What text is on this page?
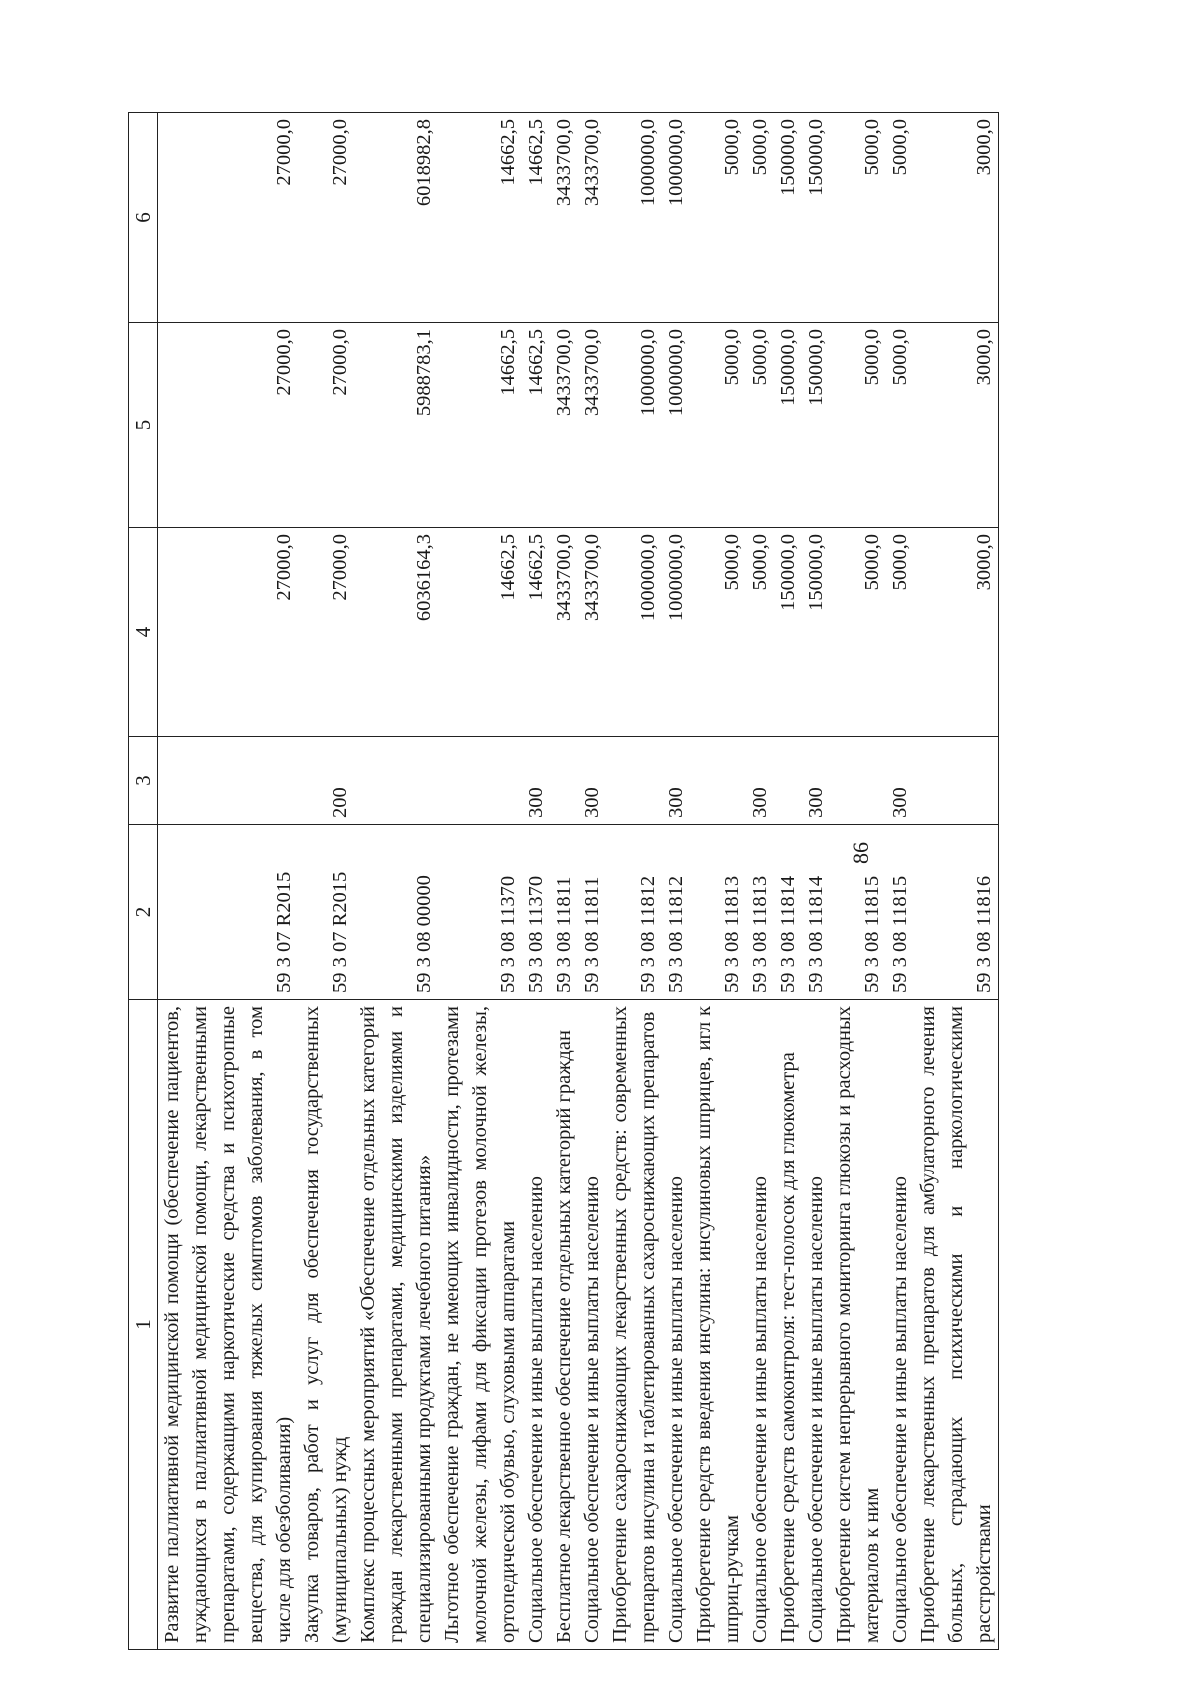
86
1	2	3	4	5	6
Развитие паллиативной медицинской помощи (обеспечение пациентов, нуждающихся в паллиативной медицинской помощи, лекарственными препаратами, содержащими наркотические средства и психотропные вещества, для купирования тяжелых симптомов заболевания, в том числе для обезболивания)	59 3 07 R2015		27000,0	27000,0	27000,0
Закупка товаров, работ и услуг для обеспечения государственных (муниципальных) нужд	59 3 07 R2015	200	27000,0	27000,0	27000,0
Комплекс процессных мероприятий «Обеспечение отдельных категорий граждан лекарственными препаратами, медицинскими изделиями и специализированными продуктами лечебного питания»	59 3 08 00000		6036164,3	5988783,1	6018982,8
Льготное обеспечение граждан, не имеющих инвалидности, протезами молочной железы, лифами для фиксации протезов молочной железы, ортопедической обувью, слуховыми аппаратами	59 3 08 11370		14662,5	14662,5	14662,5
Социальное обеспечение и иные выплаты населению	59 3 08 11370	300	14662,5	14662,5	14662,5
Бесплатное лекарственное обеспечение отдельных категорий граждан	59 3 08 11811		3433700,0	3433700,0	3433700,0
Социальное обеспечение и иные выплаты населению	59 3 08 11811	300	3433700,0	3433700,0	3433700,0
Приобретение сахароснижающих лекарственных средств: современных препаратов инсулина и таблетированных сахароснижающих препаратов	59 3 08 11812		1000000,0	1000000,0	1000000,0
Социальное обеспечение и иные выплаты населению	59 3 08 11812	300	1000000,0	1000000,0	1000000,0
Приобретение средств введения инсулина: инсулиновых шприцев, игл к шприц-ручкам	59 3 08 11813		5000,0	5000,0	5000,0
Социальное обеспечение и иные выплаты населению	59 3 08 11813	300	5000,0	5000,0	5000,0
Приобретение средств самоконтроля: тест-полосок для глюкометра	59 3 08 11814		150000,0	150000,0	150000,0
Социальное обеспечение и иные выплаты населению	59 3 08 11814	300	150000,0	150000,0	150000,0
Приобретение систем непрерывного мониторинга глюкозы и расходных материалов к ним	59 3 08 11815		5000,0	5000,0	5000,0
Социальное обеспечение и иные выплаты населению	59 3 08 11815	300	5000,0	5000,0	5000,0
Приобретение лекарственных препаратов для амбулаторного лечения больных, страдающих психическими и наркологическими расстройствами	59 3 08 11816		3000,0	3000,0	3000,0
